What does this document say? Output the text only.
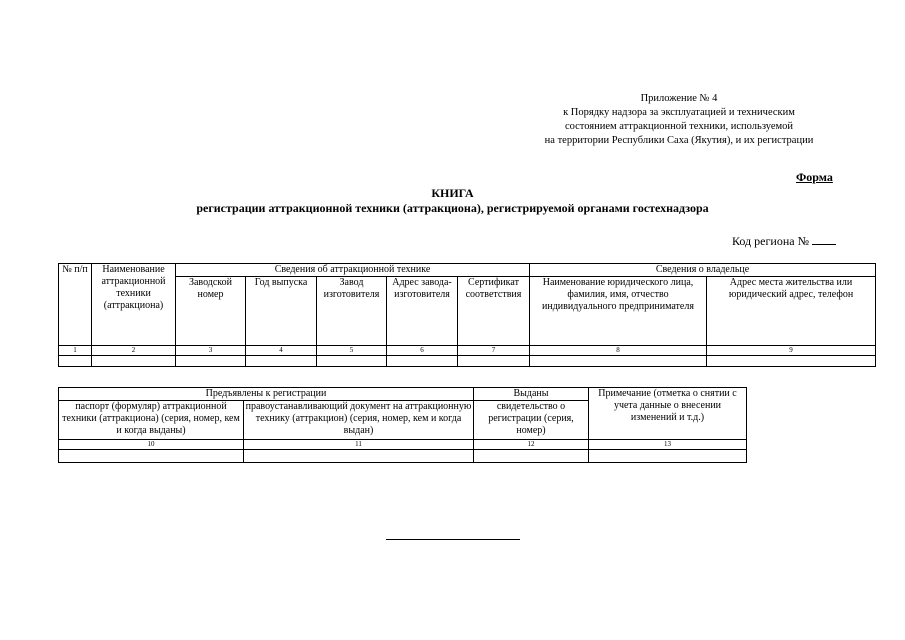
Приложение № 4
к Порядку надзора за эксплуатацией и техническим
состоянием аттракционной техники, используемой
на территории Республики Саха (Якутия), и их регистрации
Форма
КНИГА
регистрации аттракционной техники (аттракциона), регистрируемой органами гостехнадзора
Код региона №
№ п/п	Наименование аттракционной техники (аттракциона)	Сведения об аттракционной технике					Сведения о владельце	
		Заводской номер	Год выпуска	Завод изготовителя	Адрес завода-изготовителя	Сертификат соответствия	Наименование юридического лица, фамилия, имя, отчество индивидуального предпринимателя	Адрес места жительства или юридический адрес, телефон
1	2	3	4	5	6	7	8	9

Предъявлены к регистрации		Выданы	Примечание (отметка о снятии с учета данные о внесении изменений и т.д.)
паспорт (формуляр) аттракционной техники (аттракциона) (серия, номер, кем и когда выданы)	правоустанавливающий документ на аттракционную технику (аттракцион) (серия, номер, кем и когда выдан)	свидетельство о регистрации (серия, номер)	
10	11	12	13
